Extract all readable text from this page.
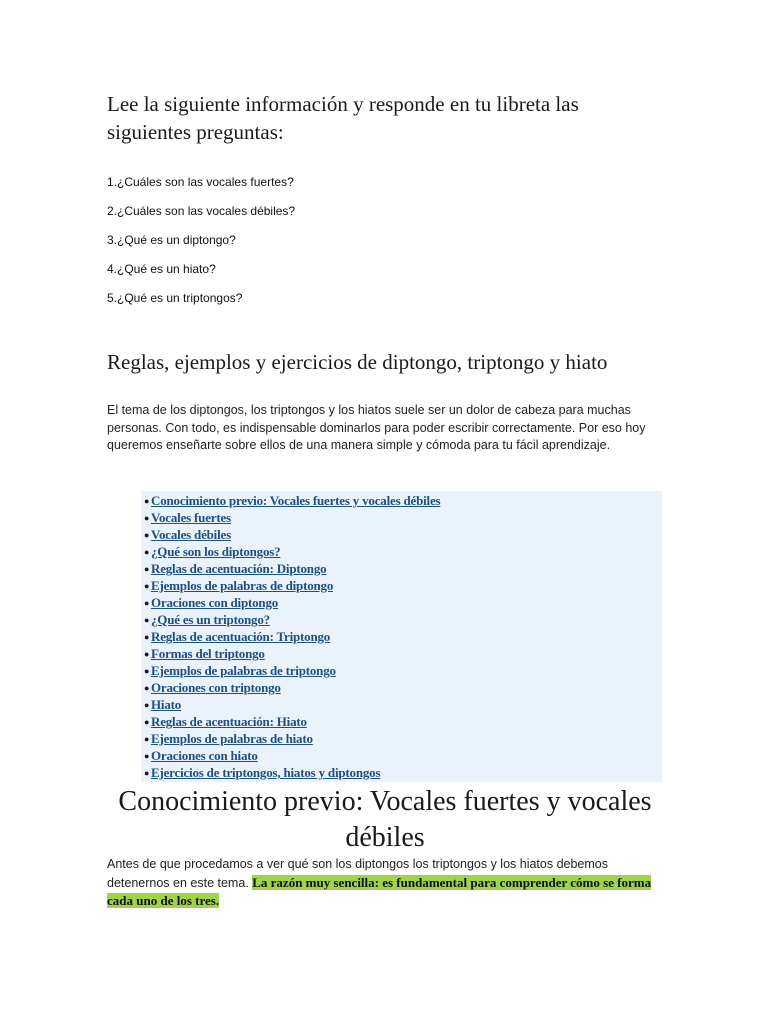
Lee la siguiente información y responde en tu libreta las siguientes preguntas:
1.¿Cuáles son las vocales fuertes?
2.¿Cuáles son las vocales débiles?
3.¿Qué es un diptongo?
4.¿Qué es un hiato?
5.¿Qué es un triptongos?
Reglas, ejemplos y ejercicios de diptongo, triptongo y hiato

El tema de los diptongos, los triptongos y los hiatos suele ser un dolor de cabeza para muchas personas. Con todo, es indispensable dominarlos para poder escribir correctamente. Por eso hoy queremos enseñarte sobre ellos de una manera simple y cómoda para tu fácil aprendizaje.

● Conocimiento previo: Vocales fuertes y vocales débiles
● Vocales fuertes
● Vocales débiles
● ¿Qué son los diptongos?
● Reglas de acentuación: Diptongo
● Ejemplos de palabras de diptongo
● Oraciones con diptongo
● ¿Qué es un triptongo?
● Reglas de acentuación: Triptongo
● Formas del triptongo
● Ejemplos de palabras de triptongo
● Oraciones con triptongo
● Hiato
● Reglas de acentuación: Hiato
● Ejemplos de palabras de hiato
● Oraciones con hiato
● Ejercicios de triptongos, hiatos y diptongos
Conocimiento previo: Vocales fuertes y vocales débiles

Antes de que procedamos a ver qué son los diptongos los triptongos y los hiatos debemos detenernos en este tema. La razón muy sencilla: es fundamental para comprender cómo se forma cada uno de los tres.
